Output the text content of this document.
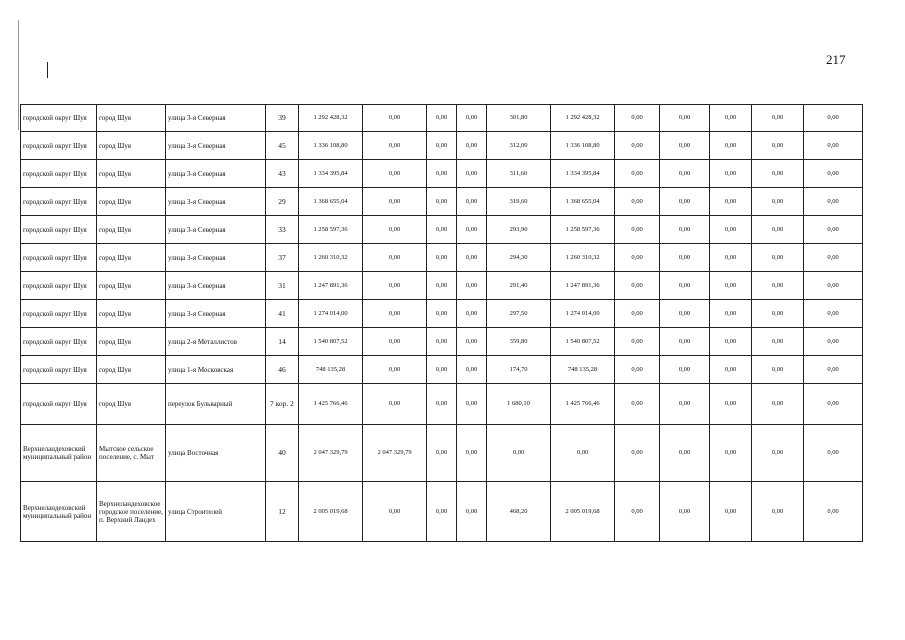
217
городской округ Шуя	город Шуя	улица 3-я Северная	39	1 292 428,32	0,00	0,00	0,00	301,80	1 292 428,32	0,00	0,00	0,00	0,00	0,00
городской округ Шуя	город Шуя	улица 3-я Северная	45	1 336 108,80	0,00	0,00	0,00	312,00	1 336 108,80	0,00	0,00	0,00	0,00	0,00
городской округ Шуя	город Шуя	улица 3-я Северная	43	1 334 395,84	0,00	0,00	0,00	311,60	1 334 395,84	0,00	0,00	0,00	0,00	0,00
городской округ Шуя	город Шуя	улица 3-я Северная	29	1 368 655,04	0,00	0,00	0,00	319,60	1 368 655,04	0,00	0,00	0,00	0,00	0,00
городской округ Шуя	город Шуя	улица 3-я Северная	33	1 258 597,36	0,00	0,00	0,00	293,90	1 258 597,36	0,00	0,00	0,00	0,00	0,00
городской округ Шуя	город Шуя	улица 3-я Северная	37	1 260 310,32	0,00	0,00	0,00	294,30	1 260 310,32	0,00	0,00	0,00	0,00	0,00
городской округ Шуя	город Шуя	улица 3-я Северная	31	1 247 891,36	0,00	0,00	0,00	291,40	1 247 891,36	0,00	0,00	0,00	0,00	0,00
городской округ Шуя	город Шуя	улица 3-я Северная	41	1 274 014,00	0,00	0,00	0,00	297,50	1 274 014,00	0,00	0,00	0,00	0,00	0,00
городской округ Шуя	город Шуя	улица 2-я Металлистов	14	1 540 807,52	0,00	0,00	0,00	359,80	1 540 807,52	0,00	0,00	0,00	0,00	0,00
городской округ Шуя	город Шуя	улица 1-я Московская	46	748 135,28	0,00	0,00	0,00	174,70	748 135,28	0,00	0,00	0,00	0,00	0,00
городской округ Шуя	город Шуя	переулок Бульварный	7 кор. 2	1 425 766,46	0,00	0,00	0,00	1 680,10	1 425 766,46	0,00	0,00	0,00	0,00	0,00
Верхнеландеховский муниципальный район	Мытское сельское поселение, с. Мыт	улица Восточная	40	2 047 329,79	2 047 329,79	0,00	0,00	0,00	0,00	0,00	0,00	0,00	0,00	0,00
Верхнеландеховский муниципальный район	Верхнеландеховское городское поселение, п. Верхний Ландех	улица Строителей	12	2 005 019,68	0,00	0,00	0,00	468,20	2 005 019,68	0,00	0,00	0,00	0,00	0,00
